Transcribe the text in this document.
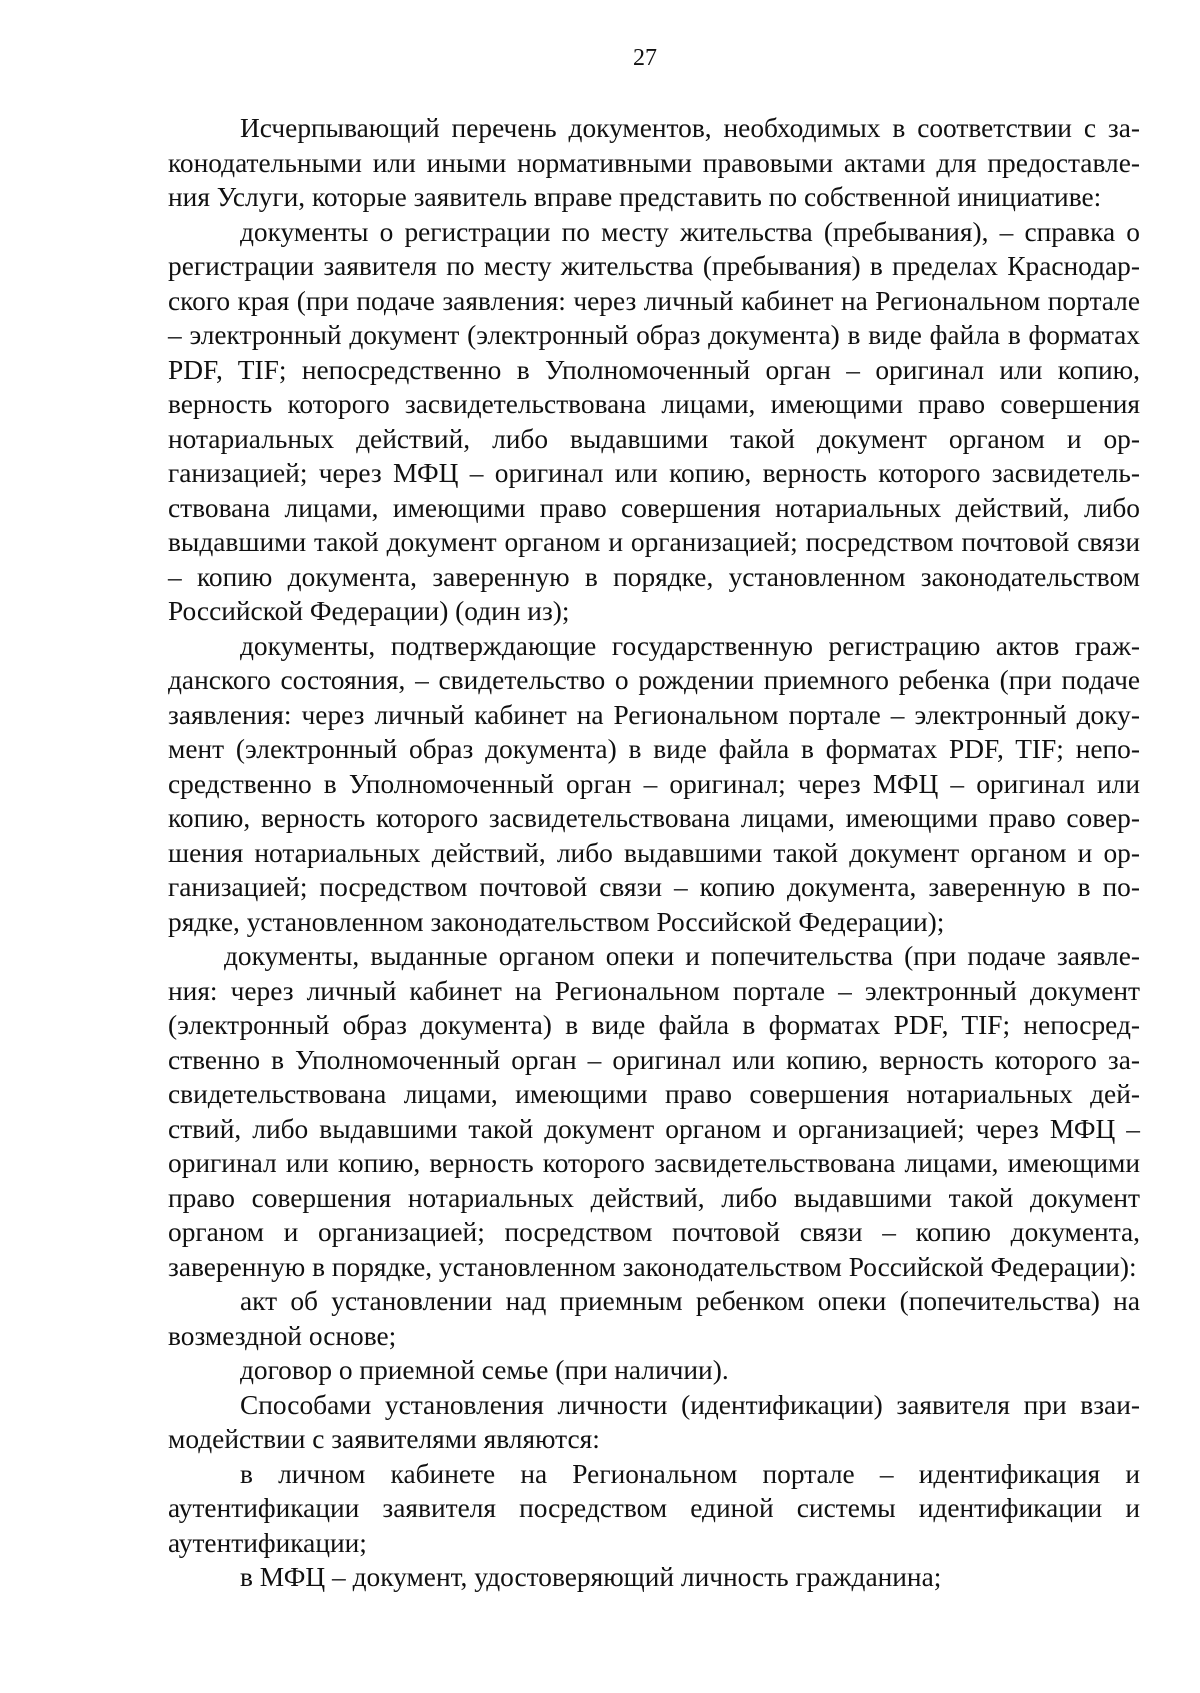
27

Исчерпывающий перечень документов, необходимых в соответствии с законодательными или иными нормативными правовыми актами для предоставления Услуги, которые заявитель вправе представить по собственной инициативе:

документы о регистрации по месту жительства (пребывания), – справка о регистрации заявителя по месту жительства (пребывания) в пределах Краснодарского края (при подаче заявления: через личный кабинет на Региональном портале – электронный документ (электронный образ документа) в виде файла в форматах PDF, TIF; непосредственно в Уполномоченный орган – оригинал или копию, верность которого засвидетельствована лицами, имеющими право совершения нотариальных действий, либо выдавшими такой документ органом и организацией; через МФЦ – оригинал или копию, верность которого засвидетельствована лицами, имеющими право совершения нотариальных действий, либо выдавшими такой документ органом и организацией; посредством почтовой связи – копию документа, заверенную в порядке, установленном законодательством Российской Федерации) (один из);

документы, подтверждающие государственную регистрацию актов гражданского состояния, – свидетельство о рождении приемного ребенка (при подаче заявления: через личный кабинет на Региональном портале – электронный документ (электронный образ документа) в виде файла в форматах PDF, TIF; непосредственно в Уполномоченный орган – оригинал; через МФЦ – оригинал или копию, верность которого засвидетельствована лицами, имеющими право совершения нотариальных действий, либо выдавшими такой документ органом и организацией; посредством почтовой связи – копию документа, заверенную в порядке, установленном законодательством Российской Федерации);

документы, выданные органом опеки и попечительства (при подаче заявления: через личный кабинет на Региональном портале – электронный документ (электронный образ документа) в виде файла в форматах PDF, TIF; непосредственно в Уполномоченный орган – оригинал или копию, верность которого засвидетельствована лицами, имеющими право совершения нотариальных действий, либо выдавшими такой документ органом и организацией; через МФЦ – оригинал или копию, верность которого засвидетельствована лицами, имеющими право совершения нотариальных действий, либо выдавшими такой документ органом и организацией; посредством почтовой связи – копию документа, заверенную в порядке, установленном законодательством Российской Федерации):

акт об установлении над приемным ребенком опеки (попечительства) на возмездной основе;

договор о приемной семье (при наличии).

Способами установления личности (идентификации) заявителя при взаимодействии с заявителями являются:

в личном кабинете на Региональном портале – идентификация и аутентификации заявителя посредством единой системы идентификации и аутентификации;

в МФЦ – документ, удостоверяющий личность гражданина;
